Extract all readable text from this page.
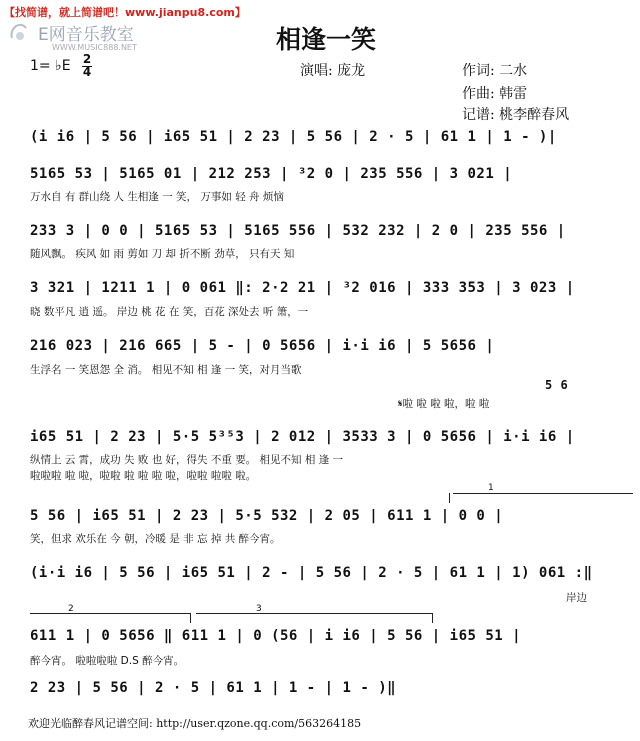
【找简谱，就上简谱吧！www.jianpu8.com】
E网音乐教室
WWW.MUSIC888.NET	相逢一笑
1= ♭E 2
4	演唱: 庞龙	作词: 二水
作曲: 韩雷
记谱: 桃李醉春风
(i i6 | 5 56 | i65 51 | 2 23 | 5 56 | 2 · 5 | 61 1 | 1 - )|
5165 53 | 5165 01 | 212 253 | ³2 0 | 235 556 | 3 021 |
万水自 有 群山绕 人 生相逢 一 笑， 万事如 轻 舟 烦恼
233 3 | 0 0 | 5165 53 | 5165 556 | 532 232 | 2 0 | 235 556 |
随风飘。 疾风 如 雨 剪如 刀 却 折不断 劲草， 只有天 知
3 321 | 1211 1 | 0 061 ‖: 2·2 21 | ³2 016 | 333 353 | 3 023 |
晓 数平凡 逍 遥。 岸边 桃 花 在 笑，百花 深处去 听 箫，一
216 023 | 216 665 | 5 - | 0 5656 | i·i i6 | 5 5656 |
生浮名 一 笑恩怨 全 消。 相见不知 相 逢 一 笑，对月当歌
5 6
𝄋啦 啦 啦 啦，啦 啦
i65 51 | 2 23 | 5·5 5³⁵3 | 2 012 | 3533 3 | 0 5656 | i·i i6 |
纵情上 云 霄，成功 失 败 也 好，得失 不重 要。 相见不知 相 逢 一
啦啦啦 啦 啦，啦啦 啦 啦 啦 啦，啦啦 啦啦 啦。
1
5 56 | i65 51 | 2 23 | 5·5 532 | 2 05 | 611 1 | 0 0 |
笑，但求 欢乐在 今 朝，冷暖 是 非 忘 掉 共 醉今宵。
(i·i i6 | 5 56 | i65 51 | 2 - | 5 56 | 2 · 5 | 61 1 | 1) 061 :‖
岸边
2	3
611 1 | 0 5656 ‖ 611 1 | 0 (56 | i i6 | 5 56 | i65 51 |
醉今宵。 啦啦啦啦 D.S 醉今宵。
2 23 | 5 56 | 2 · 5 | 61 1 | 1 - | 1 - )‖
欢迎光临醉春风记谱空间: http://user.qzone.qq.com/563264185
